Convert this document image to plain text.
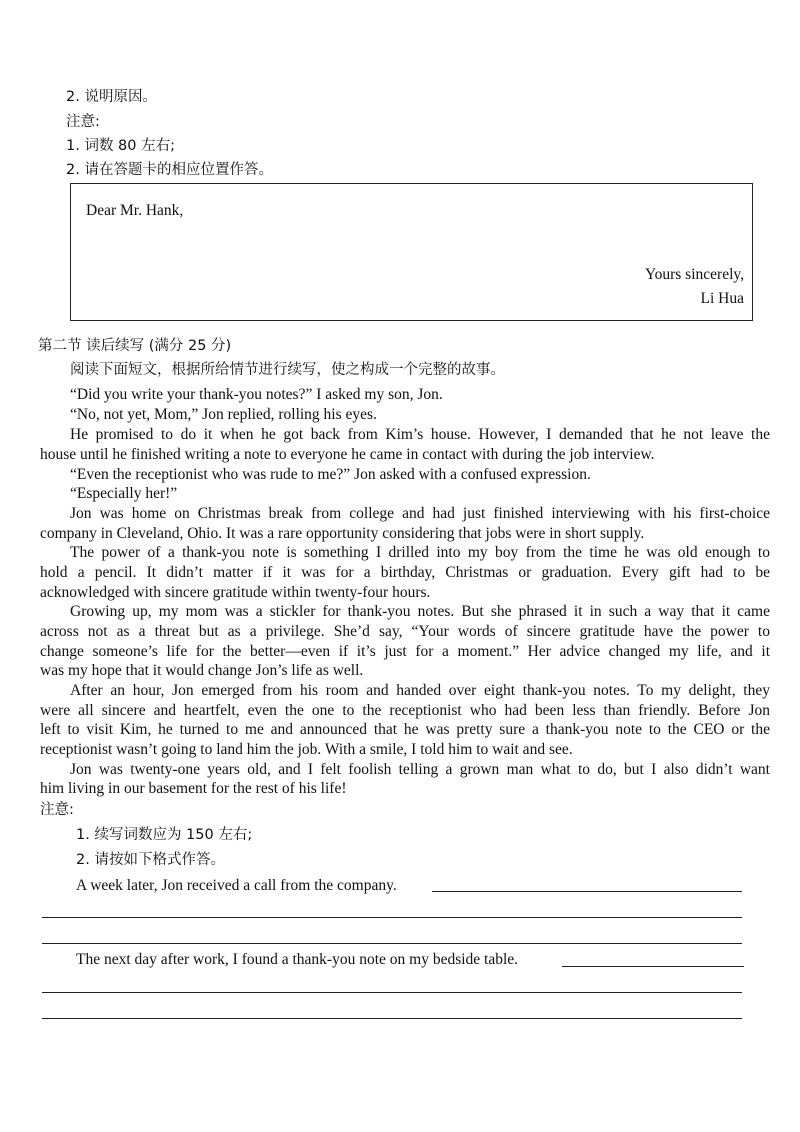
2. 说明原因。
注意:
1. 词数 80 左右;
2. 请在答题卡的相应位置作答。
Dear Mr. Hank,
Yours sincerely,
Li Hua
第二节 读后续写 (满分 25 分)
阅读下面短文，根据所给情节进行续写，使之构成一个完整的故事。
“Did you write your thank-you notes?” I asked my son, Jon.
“No, not yet, Mom,” Jon replied, rolling his eyes.
He promised to do it when he got back from Kim’s house. However, I demanded that he not leave the
house until he finished writing a note to everyone he came in contact with during the job interview.
“Even the receptionist who was rude to me?” Jon asked with a confused expression.
“Especially her!”
Jon was home on Christmas break from college and had just finished interviewing with his first-choice
company in Cleveland, Ohio. It was a rare opportunity considering that jobs were in short supply.
The power of a thank-you note is something I drilled into my boy from the time he was old enough to
hold a pencil. It didn’t matter if it was for a birthday, Christmas or graduation. Every gift had to be
acknowledged with sincere gratitude within twenty-four hours.
Growing up, my mom was a stickler for thank-you notes. But she phrased it in such a way that it came
across not as a threat but as a privilege. She’d say, “Your words of sincere gratitude have the power to
change someone’s life for the better—even if it’s just for a moment.” Her advice changed my life, and it
was my hope that it would change Jon’s life as well.
After an hour, Jon emerged from his room and handed over eight thank-you notes. To my delight, they
were all sincere and heartfelt, even the one to the receptionist who had been less than friendly. Before Jon
left to visit Kim, he turned to me and announced that he was pretty sure a thank-you note to the CEO or the
receptionist wasn’t going to land him the job. With a smile, I told him to wait and see.
Jon was twenty-one years old, and I felt foolish telling a grown man what to do, but I also didn’t want
him living in our basement for the rest of his life!
注意:
1. 续写词数应为 150 左右;
2. 请按如下格式作答。
A week later, Jon received a call from the company.
The next day after work, I found a thank-you note on my bedside table.
